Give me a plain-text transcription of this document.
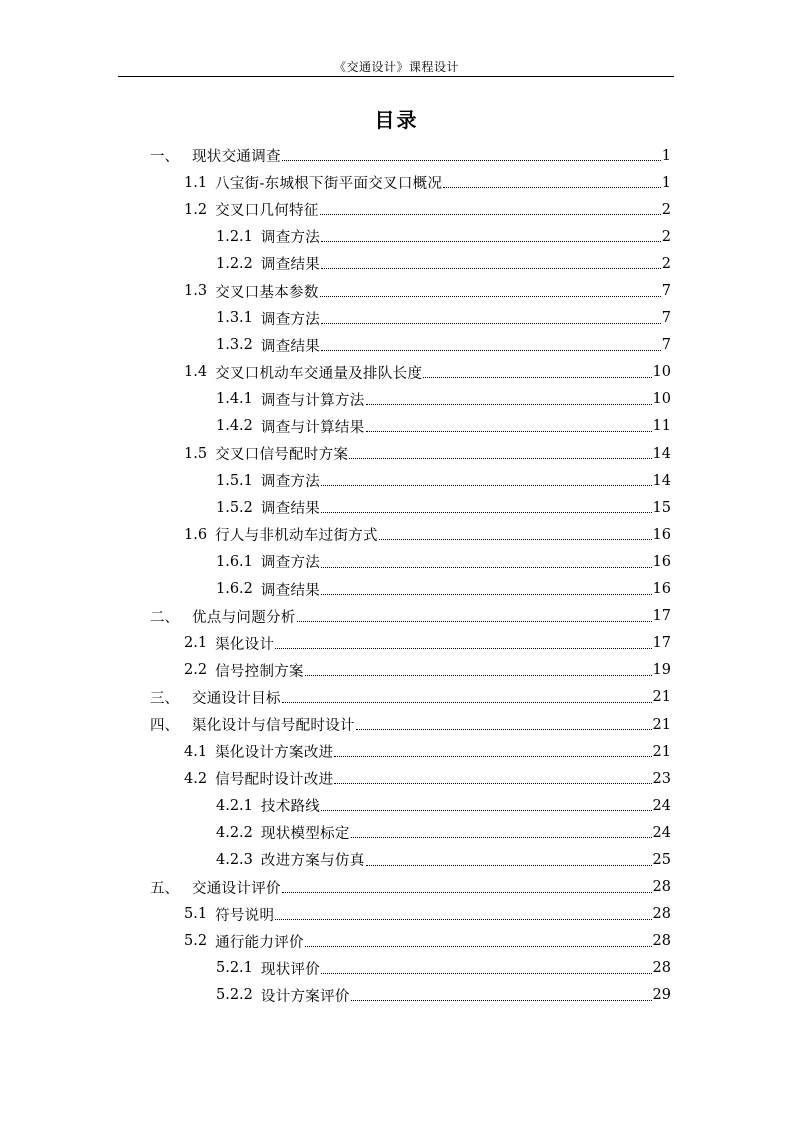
《交通设计》课程设计
目录
一、 现状交通调查	1
1.1 八宝街-东城根下街平面交叉口概况	1
1.2 交叉口几何特征	2
1.2.1 调查方法	2
1.2.2 调查结果	2
1.3 交叉口基本参数	7
1.3.1 调查方法	7
1.3.2 调查结果	7
1.4 交叉口机动车交通量及排队长度	10
1.4.1 调查与计算方法	10
1.4.2 调查与计算结果	11
1.5 交叉口信号配时方案	14
1.5.1 调查方法	14
1.5.2 调查结果	15
1.6 行人与非机动车过街方式	16
1.6.1 调查方法	16
1.6.2 调查结果	16
二、 优点与问题分析	17
2.1 渠化设计	17
2.2 信号控制方案	19
三、 交通设计目标	21
四、 渠化设计与信号配时设计	21
4.1 渠化设计方案改进	21
4.2 信号配时设计改进	23
4.2.1 技术路线	24
4.2.2 现状模型标定	24
4.2.3 改进方案与仿真	25
五、 交通设计评价	28
5.1 符号说明	28
5.2 通行能力评价	28
5.2.1 现状评价	28
5.2.2 设计方案评价	29
